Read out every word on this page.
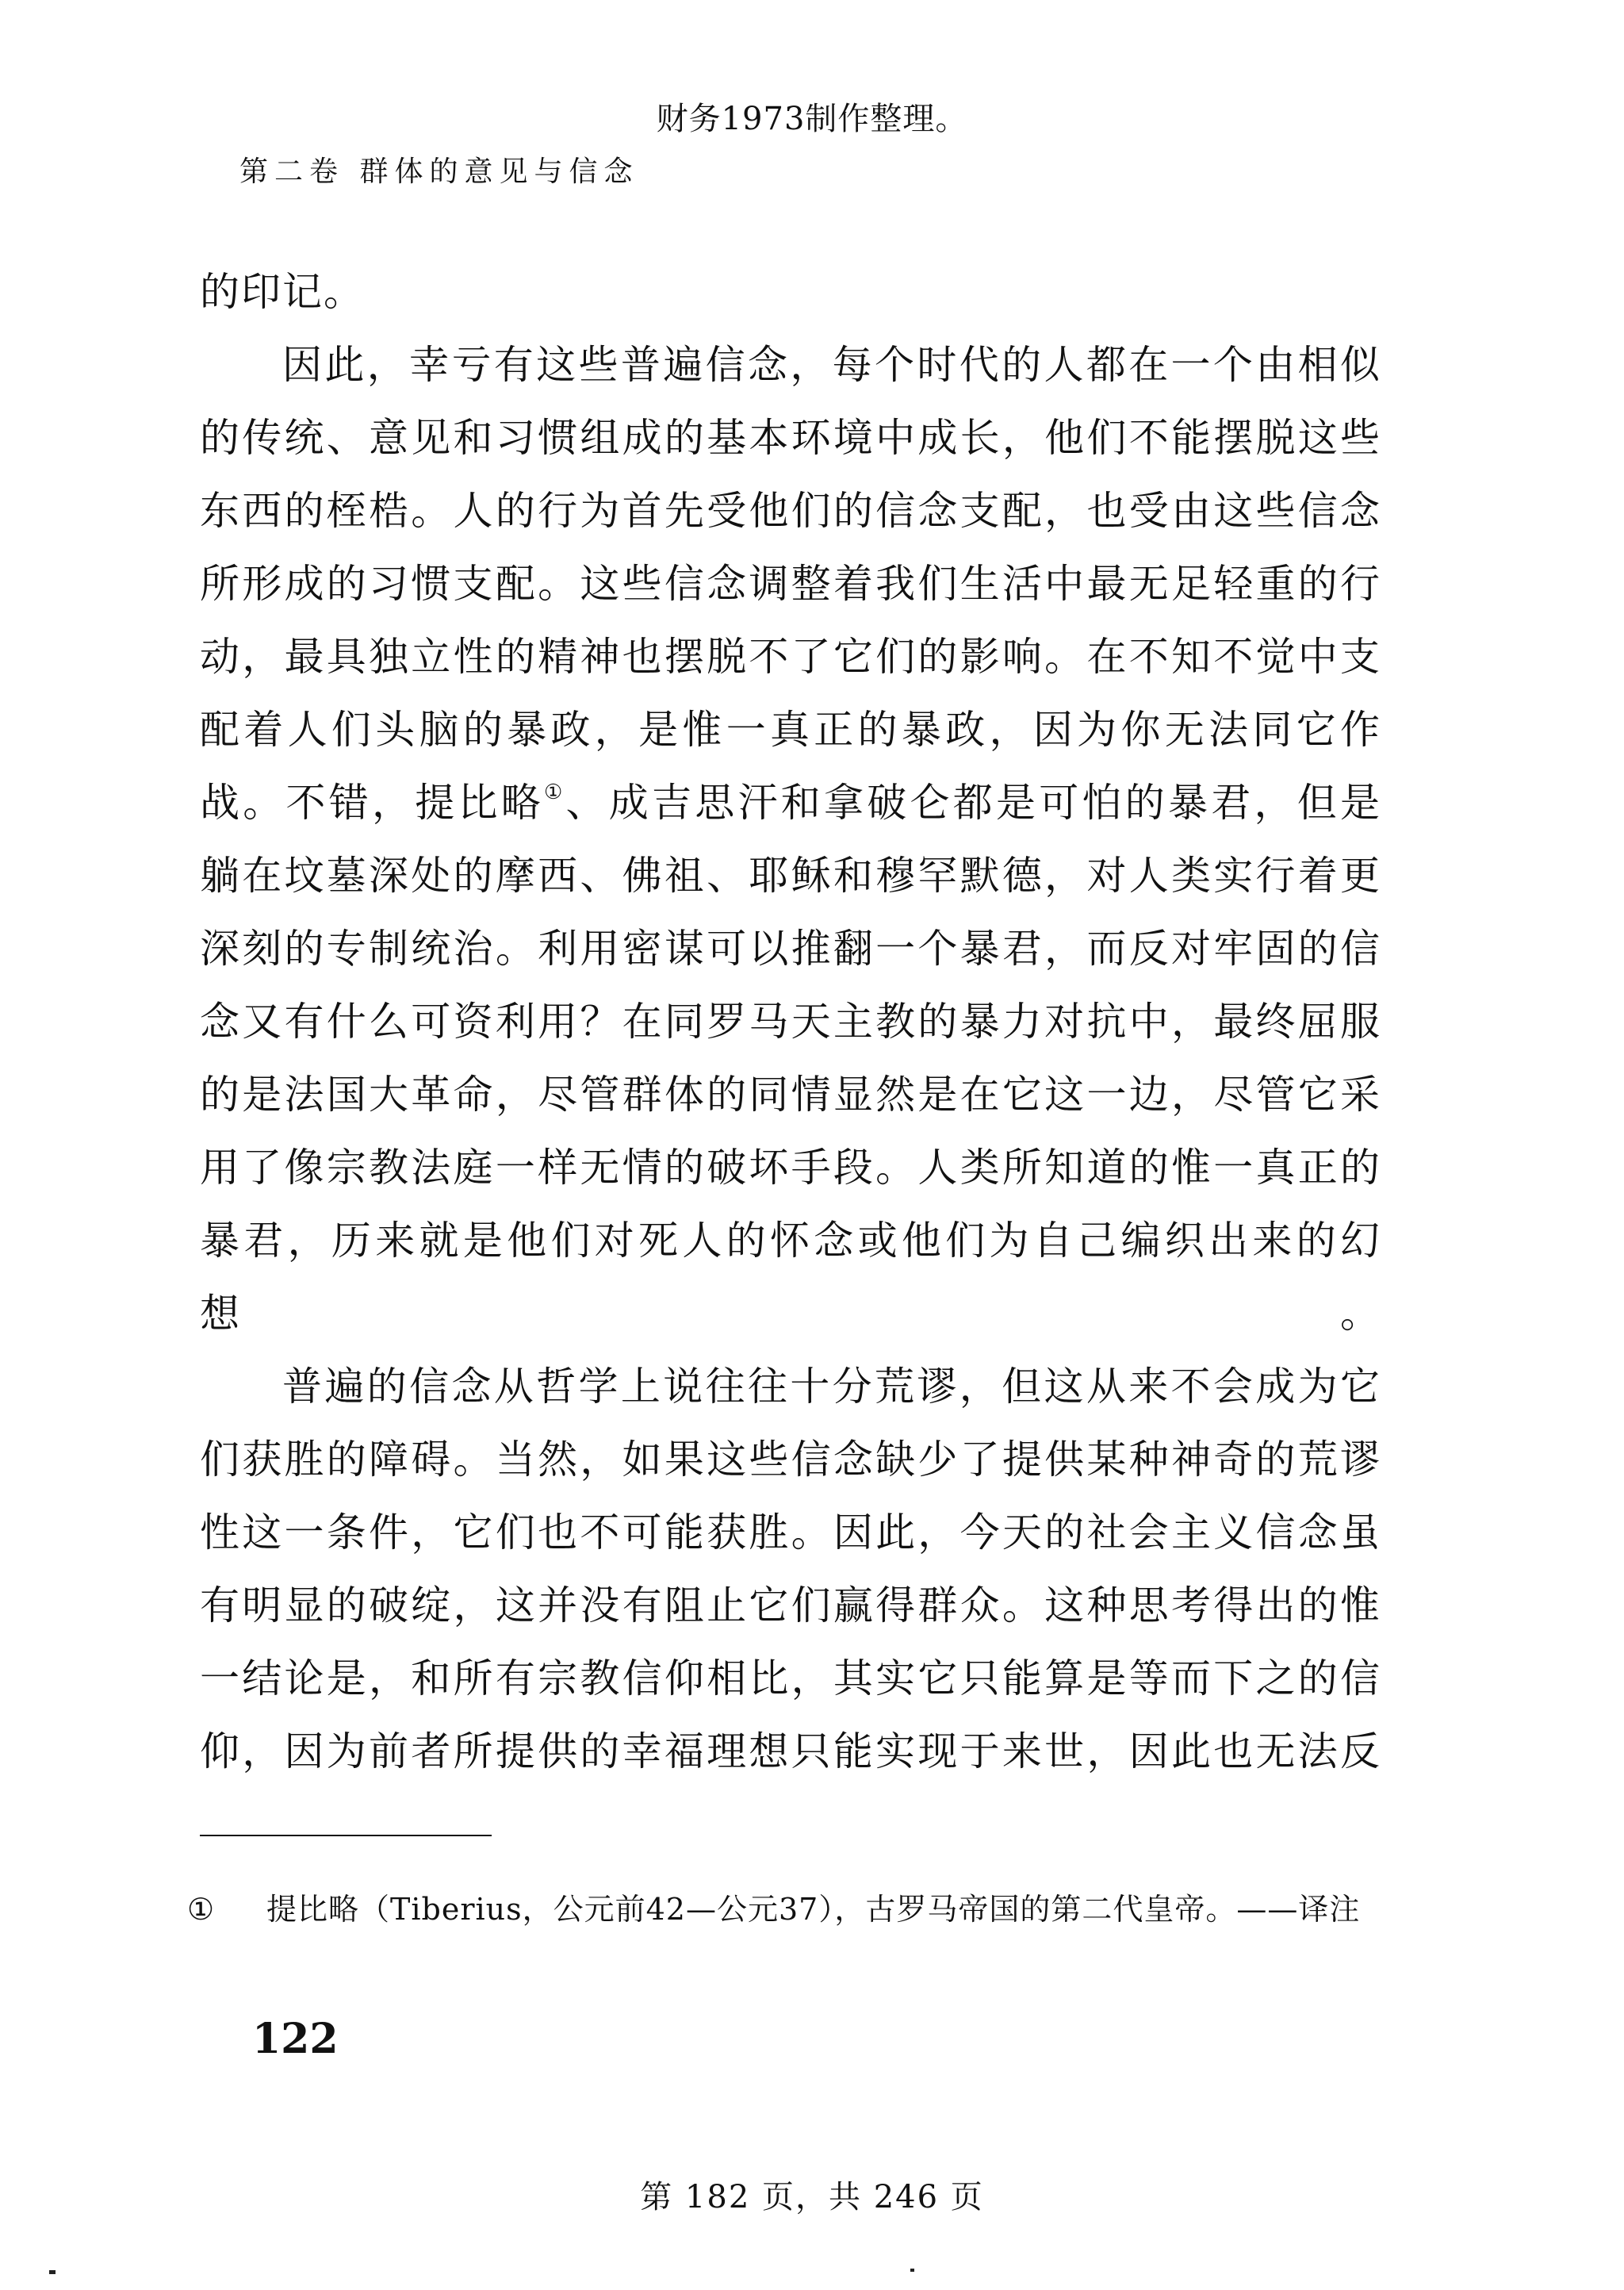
财务1973制作整理。
第二卷 群体的意见与信念

的印记。

因此，幸亏有这些普遍信念，每个时代的人都在一个由相似
的传统、意见和习惯组成的基本环境中成长，他们不能摆脱这些
东西的桎梏。人的行为首先受他们的信念支配，也受由这些信念
所形成的习惯支配。这些信念调整着我们生活中最无足轻重的行
动，最具独立性的精神也摆脱不了它们的影响。在不知不觉中支
配着人们头脑的暴政，是惟一真正的暴政，因为你无法同它作
战。不错，提比略①、成吉思汗和拿破仑都是可怕的暴君，但是
躺在坟墓深处的摩西、佛祖、耶稣和穆罕默德，对人类实行着更
深刻的专制统治。利用密谋可以推翻一个暴君，而反对牢固的信
念又有什么可资利用？在同罗马天主教的暴力对抗中，最终屈服
的是法国大革命，尽管群体的同情显然是在它这一边，尽管它采
用了像宗教法庭一样无情的破坏手段。人类所知道的惟一真正的
暴君，历来就是他们对死人的怀念或他们为自己编织出来的幻
想。

普遍的信念从哲学上说往往十分荒谬，但这从来不会成为它
们获胜的障碍。当然，如果这些信念缺少了提供某种神奇的荒谬
性这一条件，它们也不可能获胜。因此，今天的社会主义信念虽
有明显的破绽，这并没有阻止它们赢得群众。这种思考得出的惟
一结论是，和所有宗教信仰相比，其实它只能算是等而下之的信
仰，因为前者所提供的幸福理想只能实现于来世，因此也无法反

① 提比略（Tiberius，公元前42—公元37），古罗马帝国的第二代皇帝。——译注
122
第 182 页，共 246 页
